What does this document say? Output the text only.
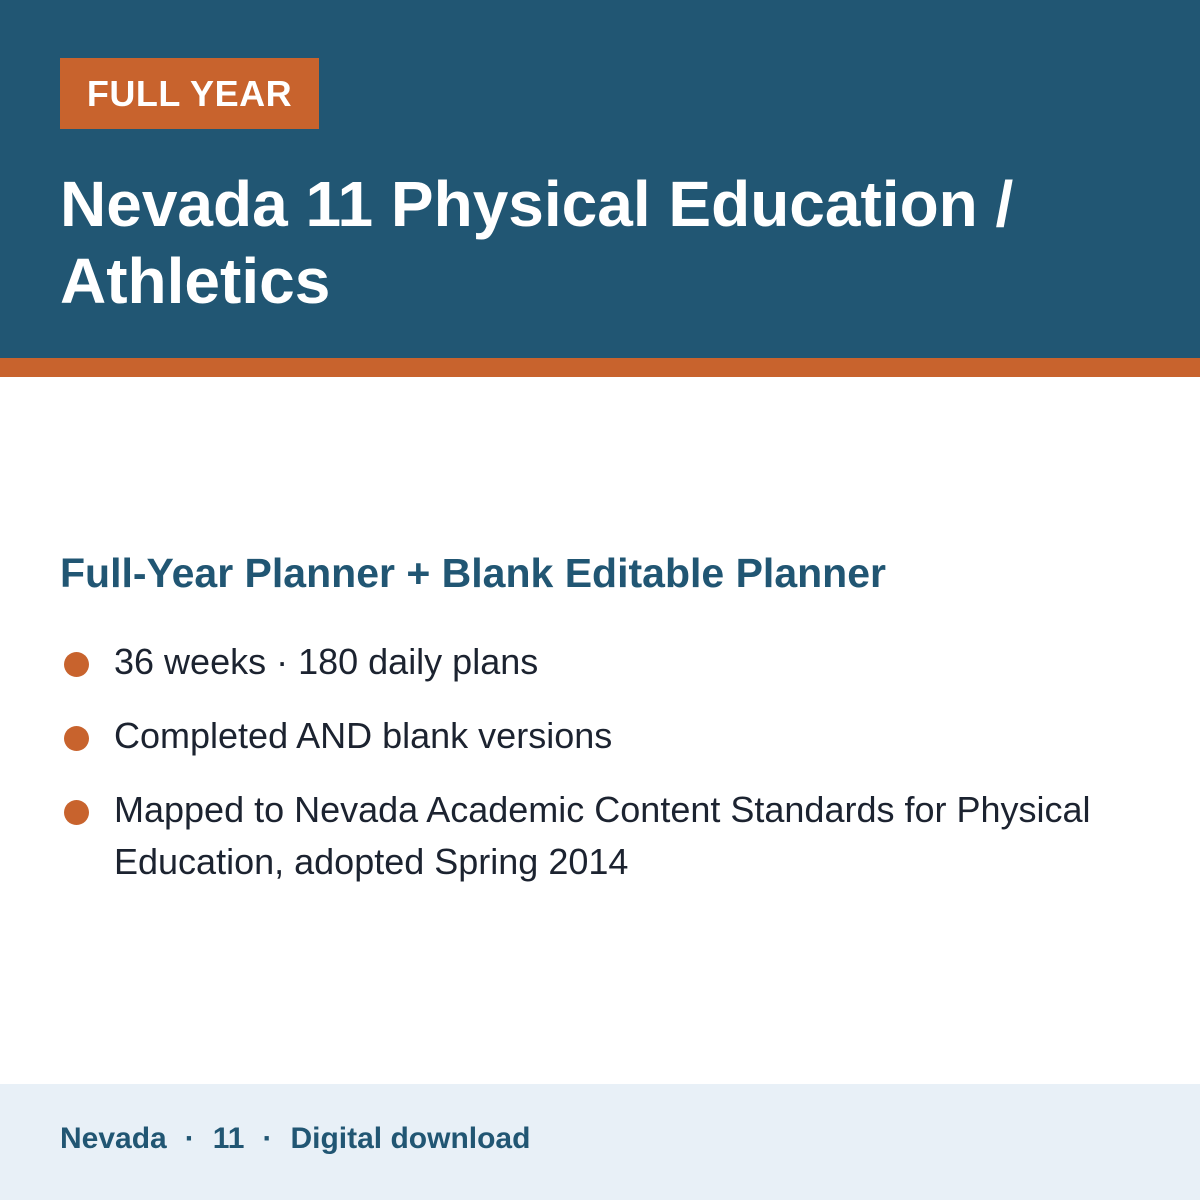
FULL YEAR
Nevada 11 Physical Education / Athletics
Full-Year Planner + Blank Editable Planner
36 weeks · 180 daily plans
Completed AND blank versions
Mapped to Nevada Academic Content Standards for Physical Education, adopted Spring 2014
Nevada · 11 · Digital download
